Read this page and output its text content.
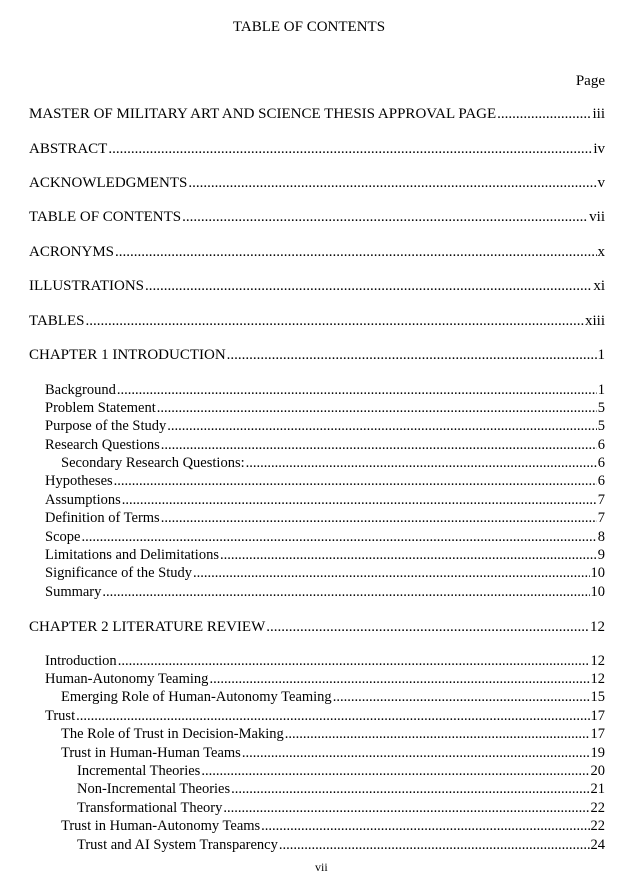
TABLE OF CONTENTS
Page
MASTER OF MILITARY ART AND SCIENCE THESIS APPROVAL PAGE .....	iii
ABSTRACT .....	iv
ACKNOWLEDGMENTS .....	v
TABLE OF CONTENTS .....	vii
ACRONYMS .....	x
ILLUSTRATIONS .....	xi
TABLES .....	xiii
CHAPTER 1 INTRODUCTION .....	1
Background .....	1
Problem Statement .....	5
Purpose of the Study .....	5
Research Questions .....	6
Secondary Research Questions: .....	6
Hypotheses .....	6
Assumptions .....	7
Definition of Terms .....	7
Scope .....	8
Limitations and Delimitations .....	9
Significance of the Study .....	10
Summary .....	10
CHAPTER 2 LITERATURE REVIEW .....	12
Introduction .....	12
Human-Autonomy Teaming .....	12
Emerging Role of Human-Autonomy Teaming .....	15
Trust .....	17
The Role of Trust in Decision-Making .....	17
Trust in Human-Human Teams .....	19
Incremental Theories .....	20
Non-Incremental Theories .....	21
Transformational Theory .....	22
Trust in Human-Autonomy Teams .....	22
Trust and AI System Transparency .....	24
vii
